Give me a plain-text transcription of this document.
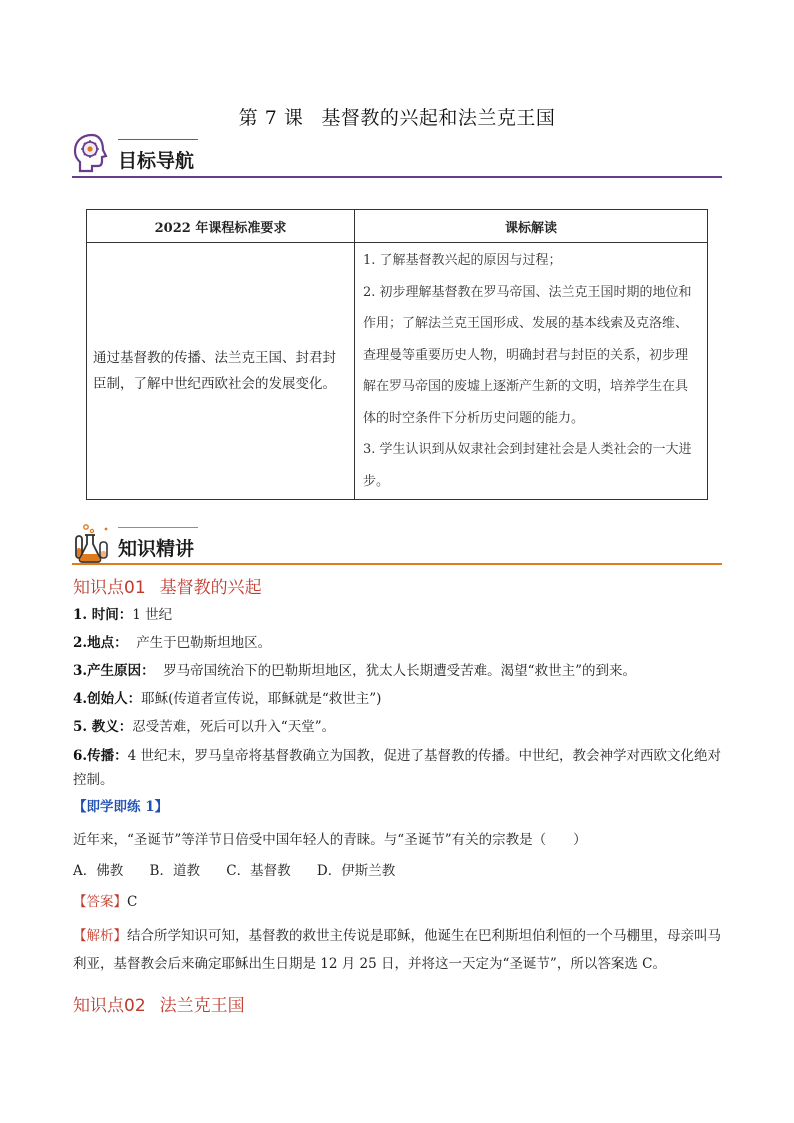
第 7 课 基督教的兴起和法兰克王国
目标导航
2022 年课程标准要求	课标解读
通过基督教的传播、法兰克王国、封君封臣制，了解中世纪西欧社会的发展变化。	1. 了解基督教兴起的原因与过程；

2. 初步理解基督教在罗马帝国、法兰克王国时期的地位和作用；了解法兰克王国形成、发展的基本线索及克洛维、查理曼等重要历史人物，明确封君与封臣的关系，初步理解在罗马帝国的废墟上逐渐产生新的文明，培养学生在具体的时空条件下分析历史问题的能力。

3. 学生认识到从奴隶社会到封建社会是人类社会的一大进步。

知识精讲
知识点01 基督教的兴起
1. 时间：1 世纪
2.地点： 产生于巴勒斯坦地区。
3.产生原因： 罗马帝国统治下的巴勒斯坦地区，犹太人长期遭受苦难。渴望“救世主”的到来。
4.创始人：耶稣(传道者宣传说，耶稣就是“救世主”)
5. 教义：忍受苦难，死后可以升入“天堂”。
6.传播：4 世纪末，罗马皇帝将基督教确立为国教，促进了基督教的传播。中世纪，教会神学对西欧文化绝对控制。
【即学即练 1】
近年来，“圣诞节”等洋节日倍受中国年轻人的青睐。与“圣诞节”有关的宗教是（　　）
A．佛教 B．道教 C．基督教 D．伊斯兰教
【答案】C
【解析】结合所学知识可知，基督教的救世主传说是耶稣，他诞生在巴利斯坦伯利恒的一个马棚里，母亲叫马利亚，基督教会后来确定耶稣出生日期是 12 月 25 日，并将这一天定为“圣诞节”，所以答案选 C。
知识点02 法兰克王国
